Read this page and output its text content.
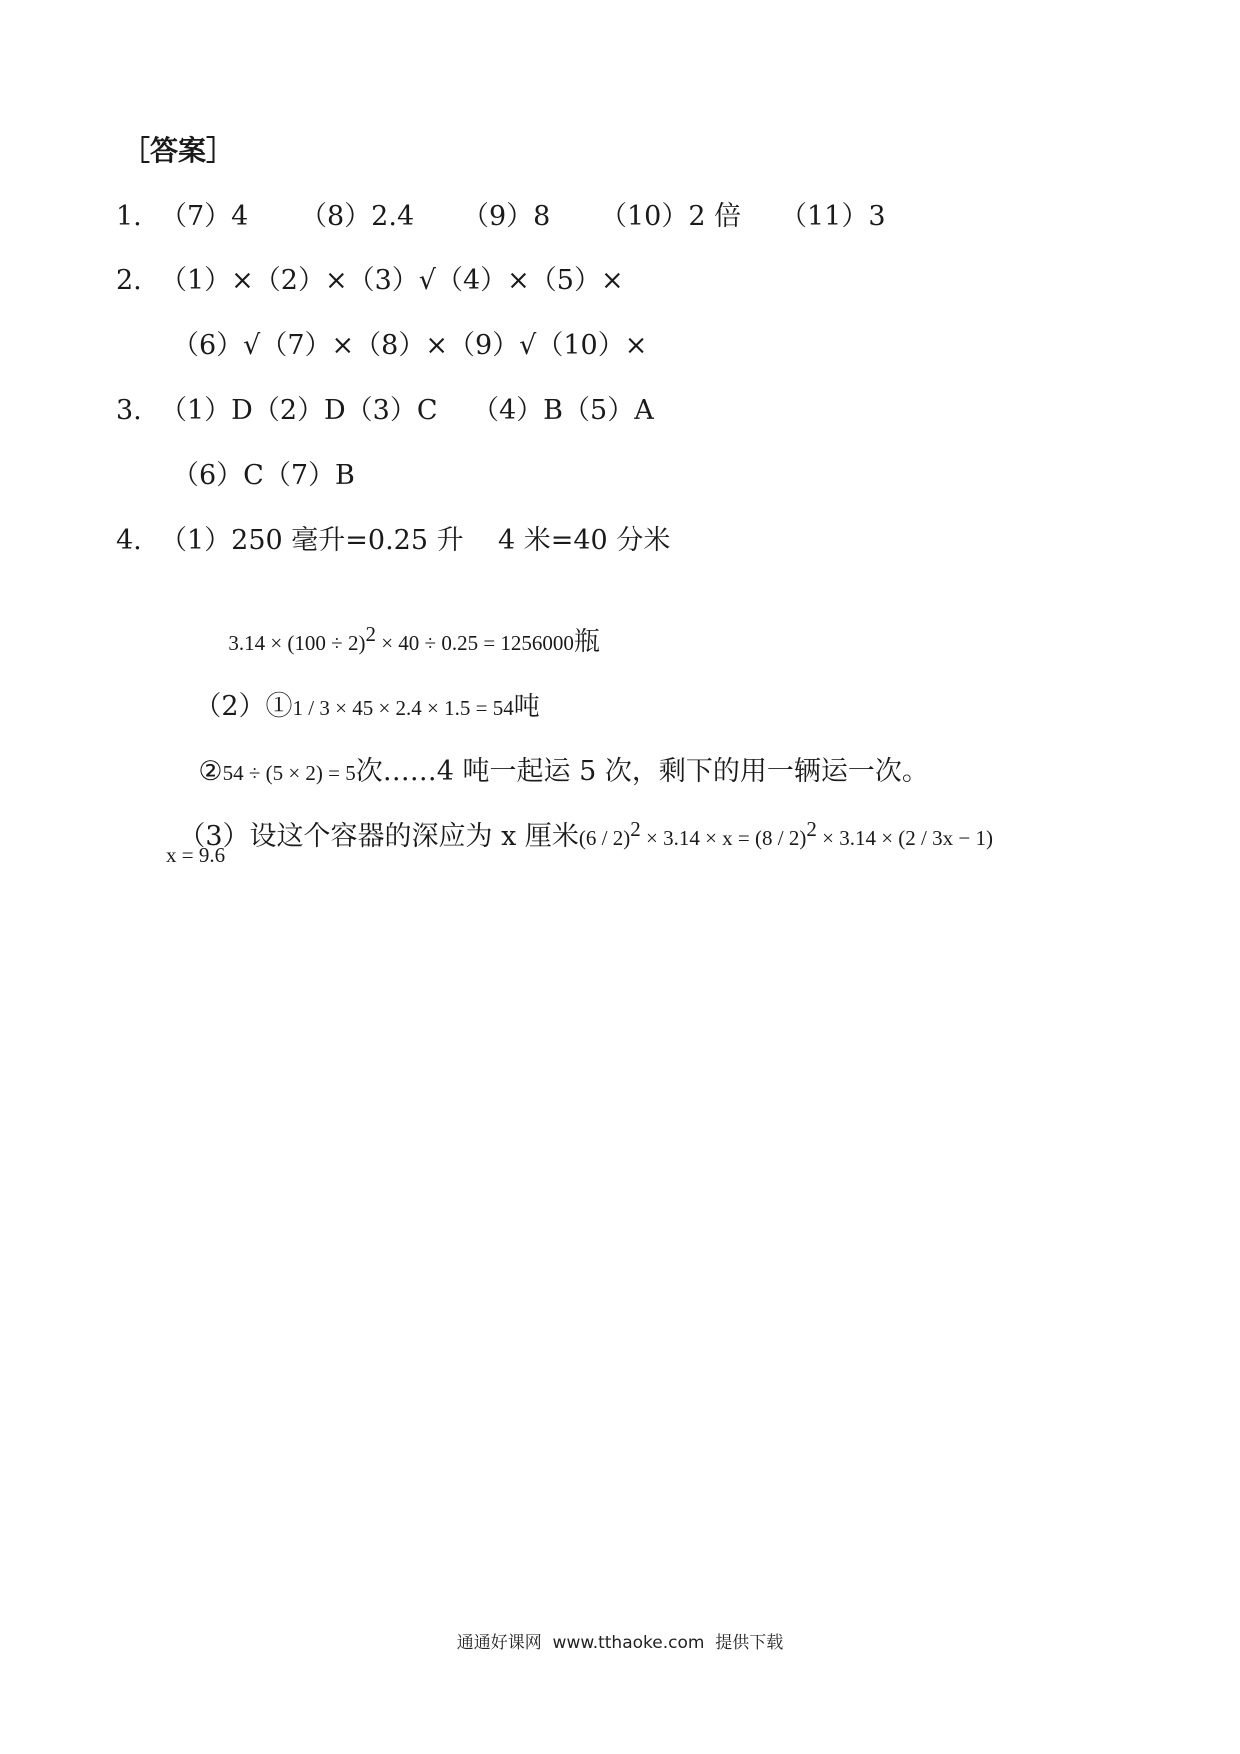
［答案］
1. （7）4 （8）2.4 （9）8 （10）2 倍 （11）3
2. （1）×（2）×（3）√（4）×（5）×
（6）√（7）×（8）×（9）√（10）×
3. （1）D（2）D（3）C （4）B（5）A
（6）C（7）B
4. （1）250 毫升=0.25 升 4 米=40 分米

$3.14 \times (100 \div 2)^2 \times 40 \div 0.25 = 1256000$瓶

（2）①1 / 3 × 45 × 2.4 × 1.5 = 54吨

②54 ÷ (5 × 2) = 5次……4 吨一起运 5 次，剩下的用一辆运一次。

（3）设这个容器的深应为 x 厘米(6 / 2)$^2$ × 3.14 × x = (8 / 2)$^2$ × 3.14 × (2 / 3x − 1)

x = 9.6
通通好课网  www.tthaoke.com  提供下载
